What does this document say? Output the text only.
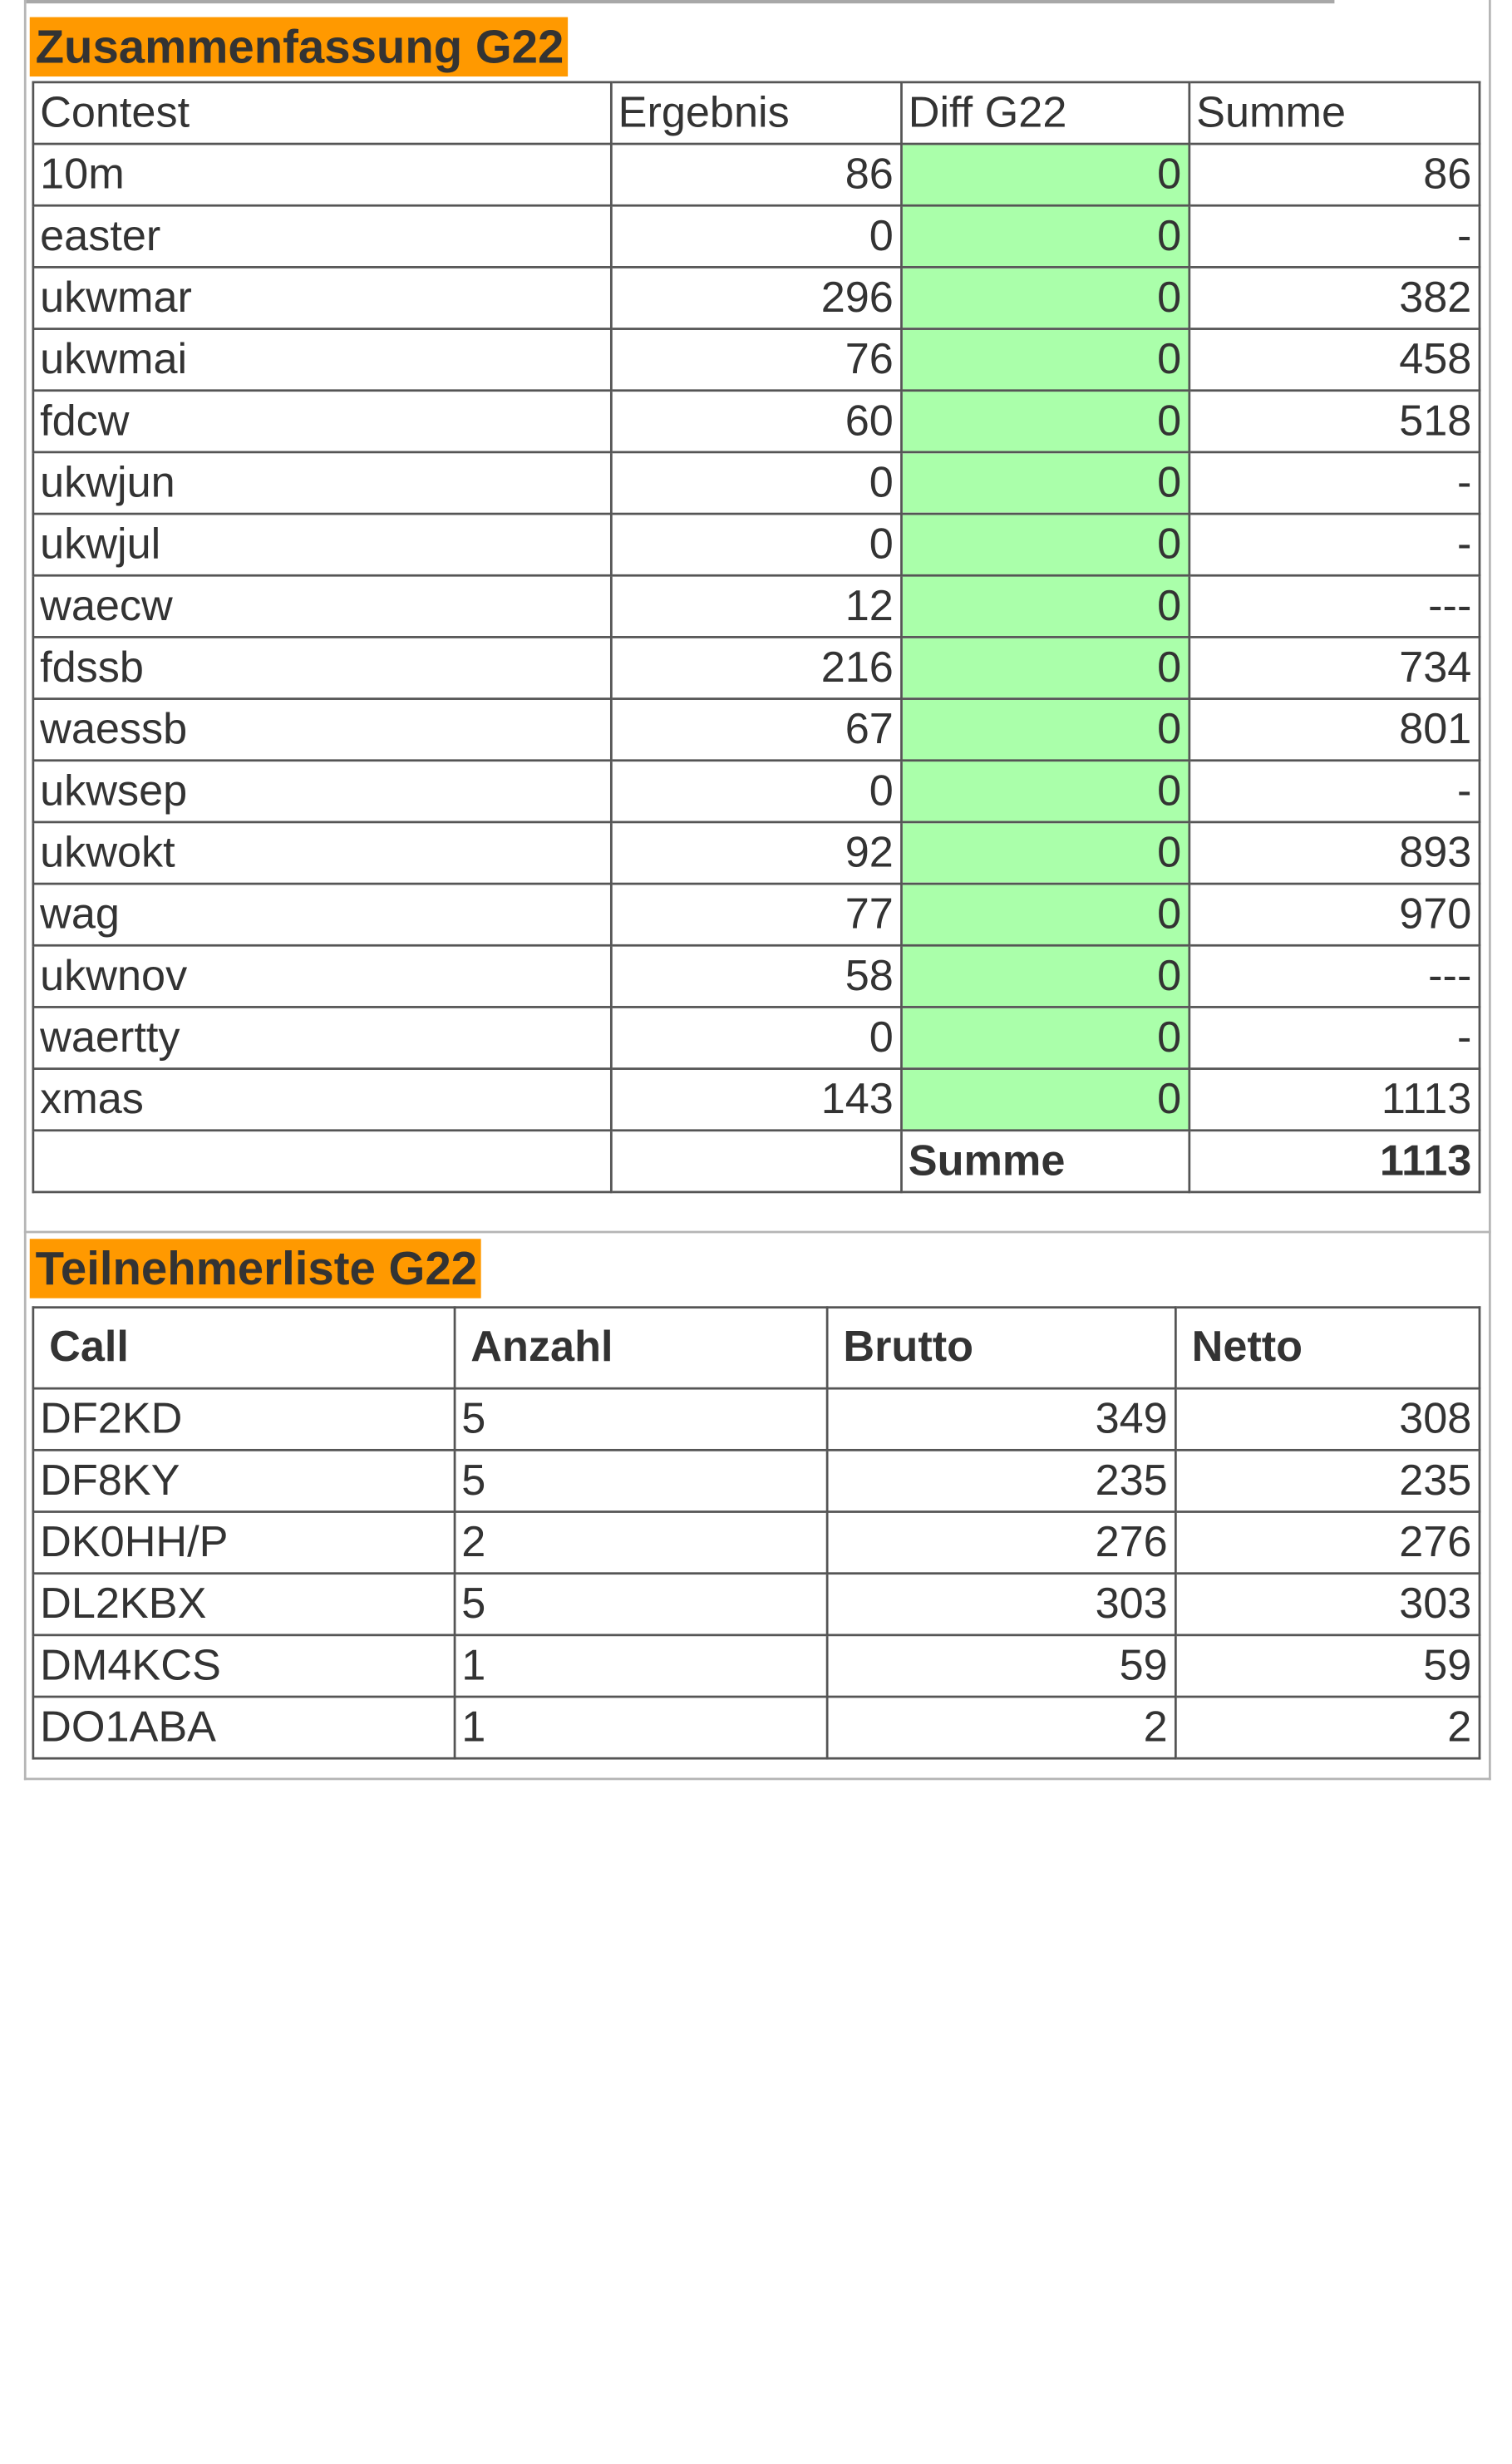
Zusammenfassung G22
Contest	Ergebnis	Diff G22	Summe
10m	86	0	86
easter	0	0	-
ukwmar	296	0	382
ukwmai	76	0	458
fdcw	60	0	518
ukwjun	0	0	-
ukwjul	0	0	-
waecw	12	0	---
fdssb	216	0	734
waessb	67	0	801
ukwsep	0	0	-
ukwokt	92	0	893
wag	77	0	970
ukwnov	58	0	---
waertty	0	0	-
xmas	143	0	1113
		Summe	1113
Teilnehmerliste G22
Call	Anzahl	Brutto	Netto
DF2KD	5	349	308
DF8KY	5	235	235
DK0HH/P	2	276	276
DL2KBX	5	303	303
DM4KCS	1	59	59
DO1ABA	1	2	2
